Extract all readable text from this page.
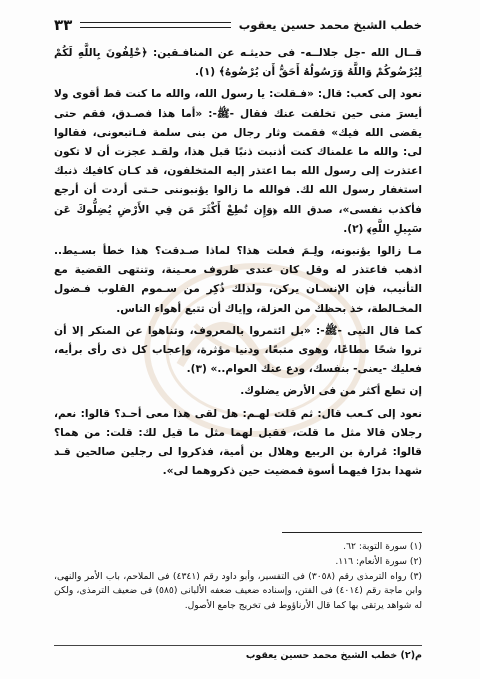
خطب الشيخ محمد حسين يعقوب
٣٣

قــال الله -جل جلالــه- فى حديثـه عن المنافـقين: ﴿حْلِفُونَ بِاللَّهِ لَكُمْ لِيُرْضُوكُمْ وَاللَّهُ وَرَسُولُهُ أَحَقُّ أَن يُرْضُوهُ﴾ (١).

نعود إلى كعب: قال: «فـقلت: يا رسول الله، والله ما كنت قط أقوى ولا أيسرَ منى حين تخلفت عنك فقال -ﷺ-: «أما هذا فصـدق، فقم حتى يقضى الله فيك» فقمت وثار رجال من بنى سلمة فـاتبعونى، فقالوا لى: والله ما علمناك كنت أذنبت ذنبًا قبل هذا، ولقـد عجزت أن لا تكون اعتذرت إلى رسول الله بما اعتذر إليه المتخلفون، قد كـان كافيك ذنبك استغفار رسول الله لك. فوالله ما زالوا يؤنبوننى حـتى أردت أن أرجع فأكذب نفسى»، صدق الله ﴿وَإِن تُطِعْ أَكْثَرَ مَن فِي الأَرْضِ يُضِلُّوكَ عَن سَبِيلِ اللَّهِ﴾ (٢).

مـا زالوا يؤنبونه، ولِـمَ فعلت هذا؟ لماذا صـدقت؟ هذا خطأ بسـيط.. اذهب فاعتذر له وقل كان عندى ظروف معـينة، وتنتهى القضية مع التأنيب، فإن الإنسـان يركن، ولذلك ذُكِر من سـموم القلوب فـضول المخـالطة، خذ بحظك من العزلة، وإياك أن تتبع أهواء الناس.

كما قال النبى -ﷺ-: «بل ائتمروا بالمعروف، وتناهوا عن المنكر إلا أن تروا شحًا مطاعًا، وهوى متبعًا، ودنيا مؤثرة، وإعجاب كل ذى رأى برأيه، فعليك -يعنى- بنفسك، ودع عنك العوام..» (٣).

إن تطع أكثر من فى الأرض يضلوك.

نعود إلى كـعب قال: ثم قلت لهـم: هل لقى هذا معى أحـد؟ قالوا: نعم، رجلان قالا مثل ما قلت، فقيل لهما مثل ما قيل لك: قلت: من هما؟ قالوا: مُرارة بن الربيع وهلال بن أمية، فذكروا لى رجلين صالحين قـد شهدا بدرًا فيهما أسوة فمضيت حين ذكروهما لى».

(١) سورة التوبة: ٦٢.

(٢) سورة الأنعام: ١١٦.

(٣) رواه الترمذى رقم (٣٠٥٨) فى التفسير، وأبو داود رقم (٤٣٤١) فى الملاحم، باب الأمر والنهى، وابن ماجة رقم (٤٠١٤) فى الفتن، وإسناده ضعيف ضعفه الألبانى (٥٨٥) فى ضعيف الترمذى، ولكن له شواهد يرتقى بها كما قال الأرناؤوط فى تخريج جامع الأصول.

م(٢) خطب الشيخ محمد حسين يعقوب
